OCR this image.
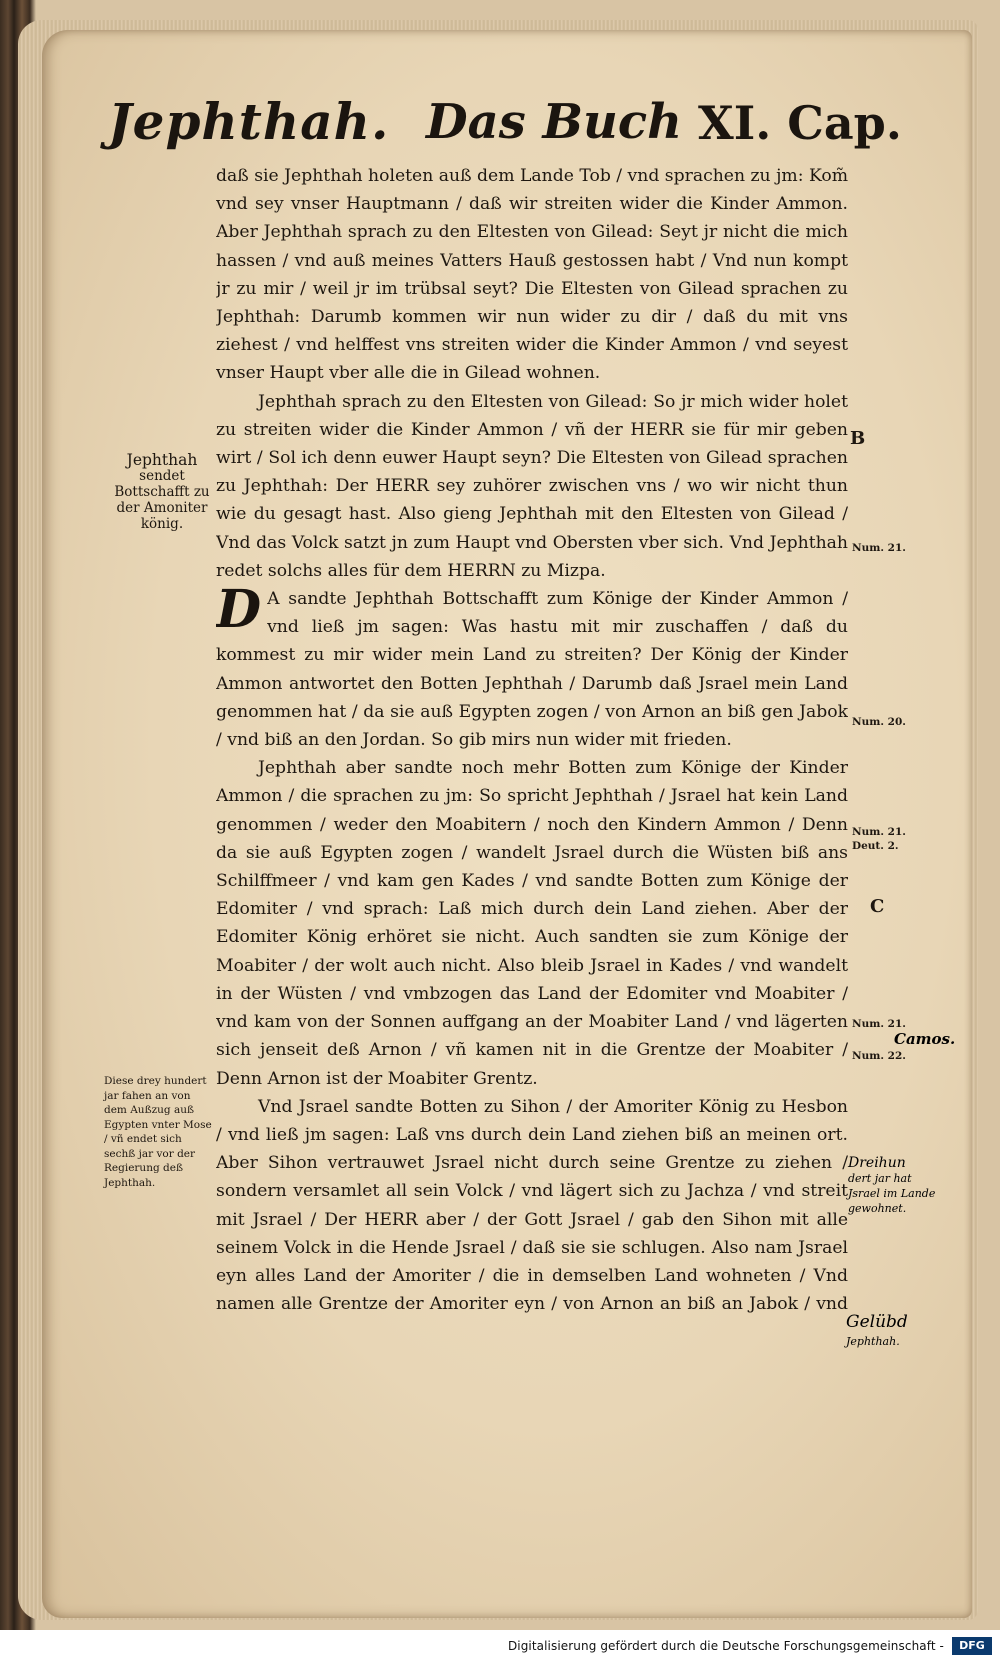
Jephthah. Das Buch XI. Cap.

daß sie Jephthah holeten auß dem Lande Tob / vnd sprachen zu jm: Kom̃ vnd sey vnser Hauptmann / daß wir streiten wider die Kinder Ammon. Aber Jephthah sprach zu den Eltesten von Gilead: Seyt jr nicht die mich hassen / vnd auß meines Vatters Hauß gestossen habt / Vnd nun kompt jr zu mir / weil jr im trübsal seyt? Die Eltesten von Gilead sprachen zu Jephthah: Darumb kommen wir nun wider zu dir / daß du mit vns ziehest / vnd helffest vns streiten wider die Kinder Ammon / vnd seyest vnser Haupt vber alle die in Gilead wohnen.

Jephthah sprach zu den Eltesten von Gilead: So jr mich wider holet zu streiten wider die Kinder Ammon / vñ der HERR sie für mir geben wirt / Sol ich denn euwer Haupt seyn? Die Eltesten von Gilead sprachen zu Jephthah: Der HERR sey zuhörer zwischen vns / wo wir nicht thun wie du gesagt hast. Also gieng Jephthah mit den Eltesten von Gilead / Vnd das Volck satzt jn zum Haupt vnd Obersten vber sich. Vnd Jephthah redet solchs alles für dem HERRN zu Mizpa.

D A sandte Jephthah Bottschafft zum Könige der Kinder Ammon / vnd ließ jm sagen: Was hastu mit mir zuschaffen / daß du kommest zu mir wider mein Land zu streiten? Der König der Kinder Ammon antwortet den Botten Jephthah / Darumb daß Jsrael mein Land genommen hat / da sie auß Egypten zogen / von Arnon an biß gen Jabok / vnd biß an den Jordan. So gib mirs nun wider mit frieden.

Jephthah aber sandte noch mehr Botten zum Könige der Kinder Ammon / die sprachen zu jm: So spricht Jephthah / Jsrael hat kein Land genommen / weder den Moabitern / noch den Kindern Ammon / Denn da sie auß Egypten zogen / wandelt Jsrael durch die Wüsten biß ans Schilffmeer / vnd kam gen Kades / vnd sandte Botten zum Könige der Edomiter / vnd sprach: Laß mich durch dein Land ziehen. Aber der Edomiter König erhöret sie nicht. Auch sandten sie zum Könige der Moabiter / der wolt auch nicht. Also bleib Jsrael in Kades / vnd wandelt in der Wüsten / vnd vmbzogen das Land der Edomiter vnd Moabiter / vnd kam von der Sonnen auffgang an der Moabiter Land / vnd lägerten sich jenseit deß Arnon / vñ kamen nit in die Grentze der Moabiter / Denn Arnon ist der Moabiter Grentz.

Vnd Jsrael sandte Botten zu Sihon / der Amoriter König zu Hesbon / vnd ließ jm sagen: Laß vns durch dein Land ziehen biß an meinen ort. Aber Sihon vertrauwet Jsrael nicht durch seine Grentze zu ziehen / sondern versamlet all sein Volck / vnd lägert sich zu Jachza / vnd streit mit Jsrael / Der HERR aber / der Gott Jsrael / gab den Sihon mit alle seinem Volck in die Hende Jsrael / daß sie sie schlugen. Also nam Jsrael eyn alles Land der Amoriter / die in demselben Land wohneten / Vnd namen alle Grentze der Amoriter eyn / von Arnon an biß an Jabok / vnd

Jephthah
sendet Bottschafft zu der Amoniter könig.
Diese drey hundert jar fahen an von dem Außzug auß Egypten vnter Mose / vñ endet sich sechß jar vor der Regierung deß Jephthah.
B
Num. 21.
Num. 20.
Num. 21.
Deut. 2.
C
Num. 21.
Camos.
Num. 22.
Dreihun
dert jar hat Jsrael im Lande gewohnet.
Gelübd
Jephthah.
Digitalisierung gefördert durch die Deutsche Forschungsgemeinschaft -	DFG
